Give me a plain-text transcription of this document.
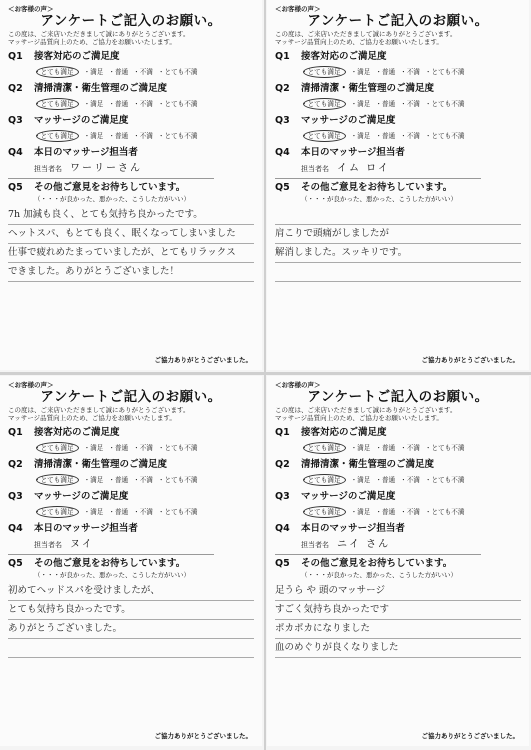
＜お客様の声＞
アンケートご記入のお願い。
この度は、ご来店いただきまして誠にありがとうございます。
マッサージ品質向上のため、ご協力をお願いいたします。
Q1 接客対応のご満足度
・とても満足 ・満足 ・普通 ・不満 ・とても不満
Q2 清掃清潔・衛生管理のご満足度
・とても満足 ・満足 ・普通 ・不満 ・とても不満
Q3 マッサージのご満足度
・とても満足 ・満足 ・普通 ・不満 ・とても不満
Q4 本日のマッサージ担当者
担当者名 ワーリーさん
Q5 その他ご意見をお待ちしています。
（・・・が良かった、悪かった、こうした方がいい）
7h 加減も良く、とても気持ち良かったです。
ヘットスパ、もとても良く、眠くなってしまいました
仕事で疲れめたまっていましたが、とてもリラックス
できました。ありがとうございました！
ご協力ありがとうございました。
＜お客様の声＞
アンケートご記入のお願い。
この度は、ご来店いただきまして誠にありがとうございます。
マッサージ品質向上のため、ご協力をお願いいたします。
Q1 接客対応のご満足度
・とても満足 ・満足 ・普通 ・不満 ・とても不満
Q2 清掃清潔・衛生管理のご満足度
・とても満足 ・満足 ・普通 ・不満 ・とても不満
Q3 マッサージのご満足度
・とても満足 ・満足 ・普通 ・不満 ・とても不満
Q4 本日のマッサージ担当者
担当者名 イム ロイ
Q5 その他ご意見をお待ちしています。
（・・・が良かった、悪かった、こうした方がいい）
肩こりで頭痛がしましたが
解消しました。スッキリです。
ご協力ありがとうございました。
＜お客様の声＞
アンケートご記入のお願い。
この度は、ご来店いただきまして誠にありがとうございます。
マッサージ品質向上のため、ご協力をお願いいたします。
Q1 接客対応のご満足度
・とても満足 ・満足 ・普通 ・不満 ・とても不満
Q2 清掃清潔・衛生管理のご満足度
・とても満足 ・満足 ・普通 ・不満 ・とても不満
Q3 マッサージのご満足度
・とても満足 ・満足 ・普通 ・不満 ・とても不満
Q4 本日のマッサージ担当者
担当者名 ヌイ
Q5 その他ご意見をお待ちしています。
（・・・が良かった、悪かった、こうした方がいい）
初めてヘッドスパを受けましたが、
とても気持ち良かったです。
ありがとうございました。
ご協力ありがとうございました。
＜お客様の声＞
アンケートご記入のお願い。
この度は、ご来店いただきまして誠にありがとうございます。
マッサージ品質向上のため、ご協力をお願いいたします。
Q1 接客対応のご満足度
・とても満足 ・満足 ・普通 ・不満 ・とても不満
Q2 清掃清潔・衛生管理のご満足度
・とても満足 ・満足 ・普通 ・不満 ・とても不満
Q3 マッサージのご満足度
・とても満足 ・満足 ・普通 ・不満 ・とても不満
Q4 本日のマッサージ担当者
担当者名 ニイ さん
Q5 その他ご意見をお待ちしています。
（・・・が良かった、悪かった、こうした方がいい）
足うら や 頭のマッサージ
すごく気持ち良かったです
ポカポカになりました
血のめぐりが良くなりました
ご協力ありがとうございました。
